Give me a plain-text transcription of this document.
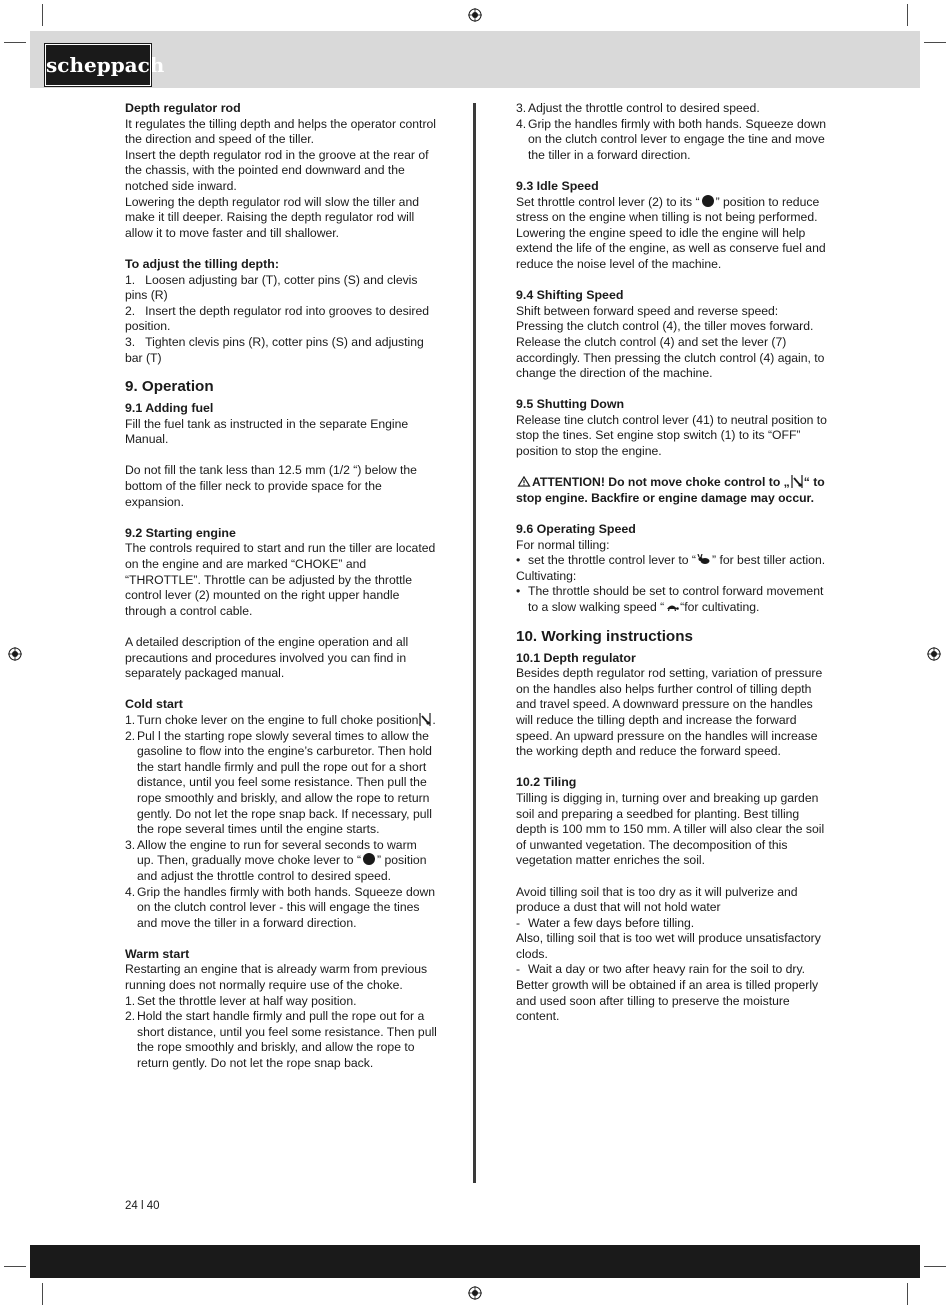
scheppach

Depth regulator rod

It regulates the tilling depth and helps the operator control the direction and speed of the tiller.

Insert the depth regulator rod in the groove at the rear of the chassis, with the pointed end downward and the notched side inward.

Lowering the depth regulator rod will slow the tiller and make it till deeper. Raising the depth regulator rod will allow it to move faster and till shallower.

To adjust the tilling depth:

1. Loosen adjusting bar (T), cotter pins (S) and clevis pins (R)
2. Insert the depth regulator rod into grooves to desired position.
3. Tighten clevis pins (R), cotter pins (S) and adjusting bar (T)

9. Operation

9.1 Adding fuel

Fill the fuel tank as instructed in the separate Engine Manual.

Do not fill the tank less than 12.5 mm (1/2 “) below the bottom of the filler neck to provide space for the expansion.

9.2 Starting engine

The controls required to start and run the tiller are located on the engine and are marked “CHOKE” and “THROTTLE”. Throttle can be adjusted by the throttle control lever (2) mounted on the right upper handle through a control cable.

A detailed description of the engine operation and all precautions and procedures involved you can find in separately packaged manual.

Cold start

1. Turn choke lever on the engine to full choke position .
2. Pul l the starting rope slowly several times to allow the gasoline to flow into the engine’s carburetor. Then hold the start handle firmly and pull the rope out for a short distance, until you feel some resistance. Then pull the rope smoothly and briskly, and allow the rope to return gently. Do not let the rope snap back. If necessary, pull the rope several times until the engine starts.
3. Allow the engine to run for several seconds to warm up. Then, gradually move choke lever to “ ” position and adjust the throttle control to desired speed.
4. Grip the handles firmly with both hands. Squeeze down on the clutch control lever - this will engage the tines and move the tiller in a forward direction.

Warm start

Restarting an engine that is already warm from previous running does not normally require use of the choke.

1. Set the throttle lever at half way position.
2. Hold the start handle firmly and pull the rope out for a short distance, until you feel some resistance. Then pull the rope smoothly and briskly, and allow the rope to return gently. Do not let the rope snap back.
3. Adjust the throttle control to desired speed.
4. Grip the handles firmly with both hands. Squeeze down on the clutch control lever to engage the tine and move the tiller in a forward direction.

9.3 Idle Speed

Set throttle control lever (2) to its “ ” position to reduce stress on the engine when tilling is not being performed. Lowering the engine speed to idle the engine will help extend the life of the engine, as well as conserve fuel and reduce the noise level of the machine.

9.4 Shifting Speed

Shift between forward speed and reverse speed: Pressing the clutch control (4), the tiller moves forward. Release the clutch control (4) and set the lever (7) accordingly. Then pressing the clutch control (4) again, to change the direction of the machine.

9.5 Shutting Down

Release tine clutch control lever (41) to neutral position to stop the tines. Set engine stop switch (1) to its “OFF” position to stop the engine.

ATTENTION! Do not move choke control to „ “ to stop engine. Backfire or engine damage may occur.

9.6 Operating Speed

For normal tilling:

• set the throttle control lever to “ ” for best tiller action.

Cultivating:

• The throttle should be set to control forward movement to a slow walking speed “ “for cultivating.

10. Working instructions

10.1 Depth regulator

Besides depth regulator rod setting, variation of pressure on the handles also helps further control of tilling depth and travel speed. A downward pressure on the handles will reduce the tilling depth and increase the forward speed. An upward pressure on the handles will increase the working depth and reduce the forward speed.

10.2 Tiling

Tilling is digging in, turning over and breaking up garden soil and preparing a seedbed for planting. Best tilling depth is 100 mm to 150 mm. A tiller will also clear the soil of unwanted vegetation. The decomposition of this vegetation matter enriches the soil.

Avoid tilling soil that is too dry as it will pulverize and produce a dust that will not hold water

- Water a few days before tilling.

Also, tilling soil that is too wet will produce unsatisfactory clods.

- Wait a day or two after heavy rain for the soil to dry.

Better growth will be obtained if an area is tilled properly and used soon after tilling to preserve the moisture content.

24 l 40
